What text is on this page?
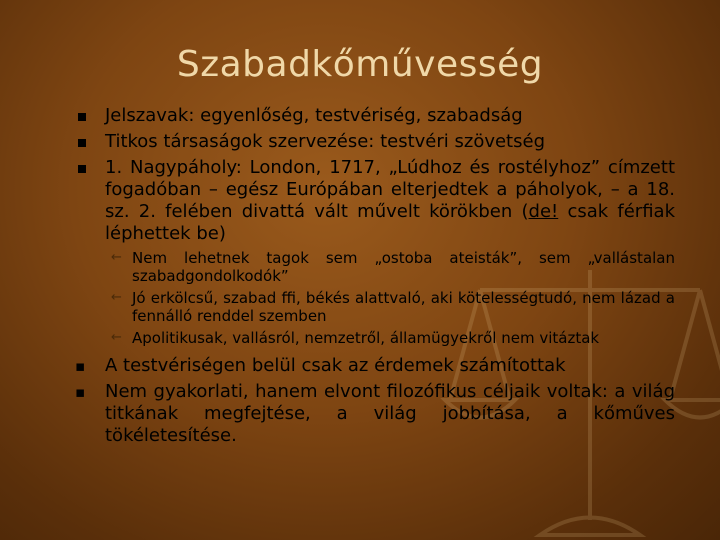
Szabadkőművesség
Jelszavak: egyenlőség, testvériség, szabadság
Titkos társaságok szervezése: testvéri szövetség
1. Nagypáholy: London, 1717, „Lúdhoz és rostélyhoz” címzett fogadóban – egész Európában elterjedtek a páholyok, – a 18. sz. 2. felében divattá vált művelt körökben (de! csak férfiak léphettek be)
← Nem lehetnek tagok sem „ostoba ateisták”, sem „vallástalan szabadgondolkodók”
← Jó erkölcsű, szabad ffi, békés alattvaló, aki kötelességtudó, nem lázad a fennálló renddel szemben
← Apolitikusak, vallásról, nemzetről, államügyekről nem vitáztak
▪ A testvériségen belül csak az érdemek számítottak
▪ Nem gyakorlati, hanem elvont filozófikus céljaik voltak: a világ titkának megfejtése, a világ jobbítása, a kőműves tökéletesítése.
